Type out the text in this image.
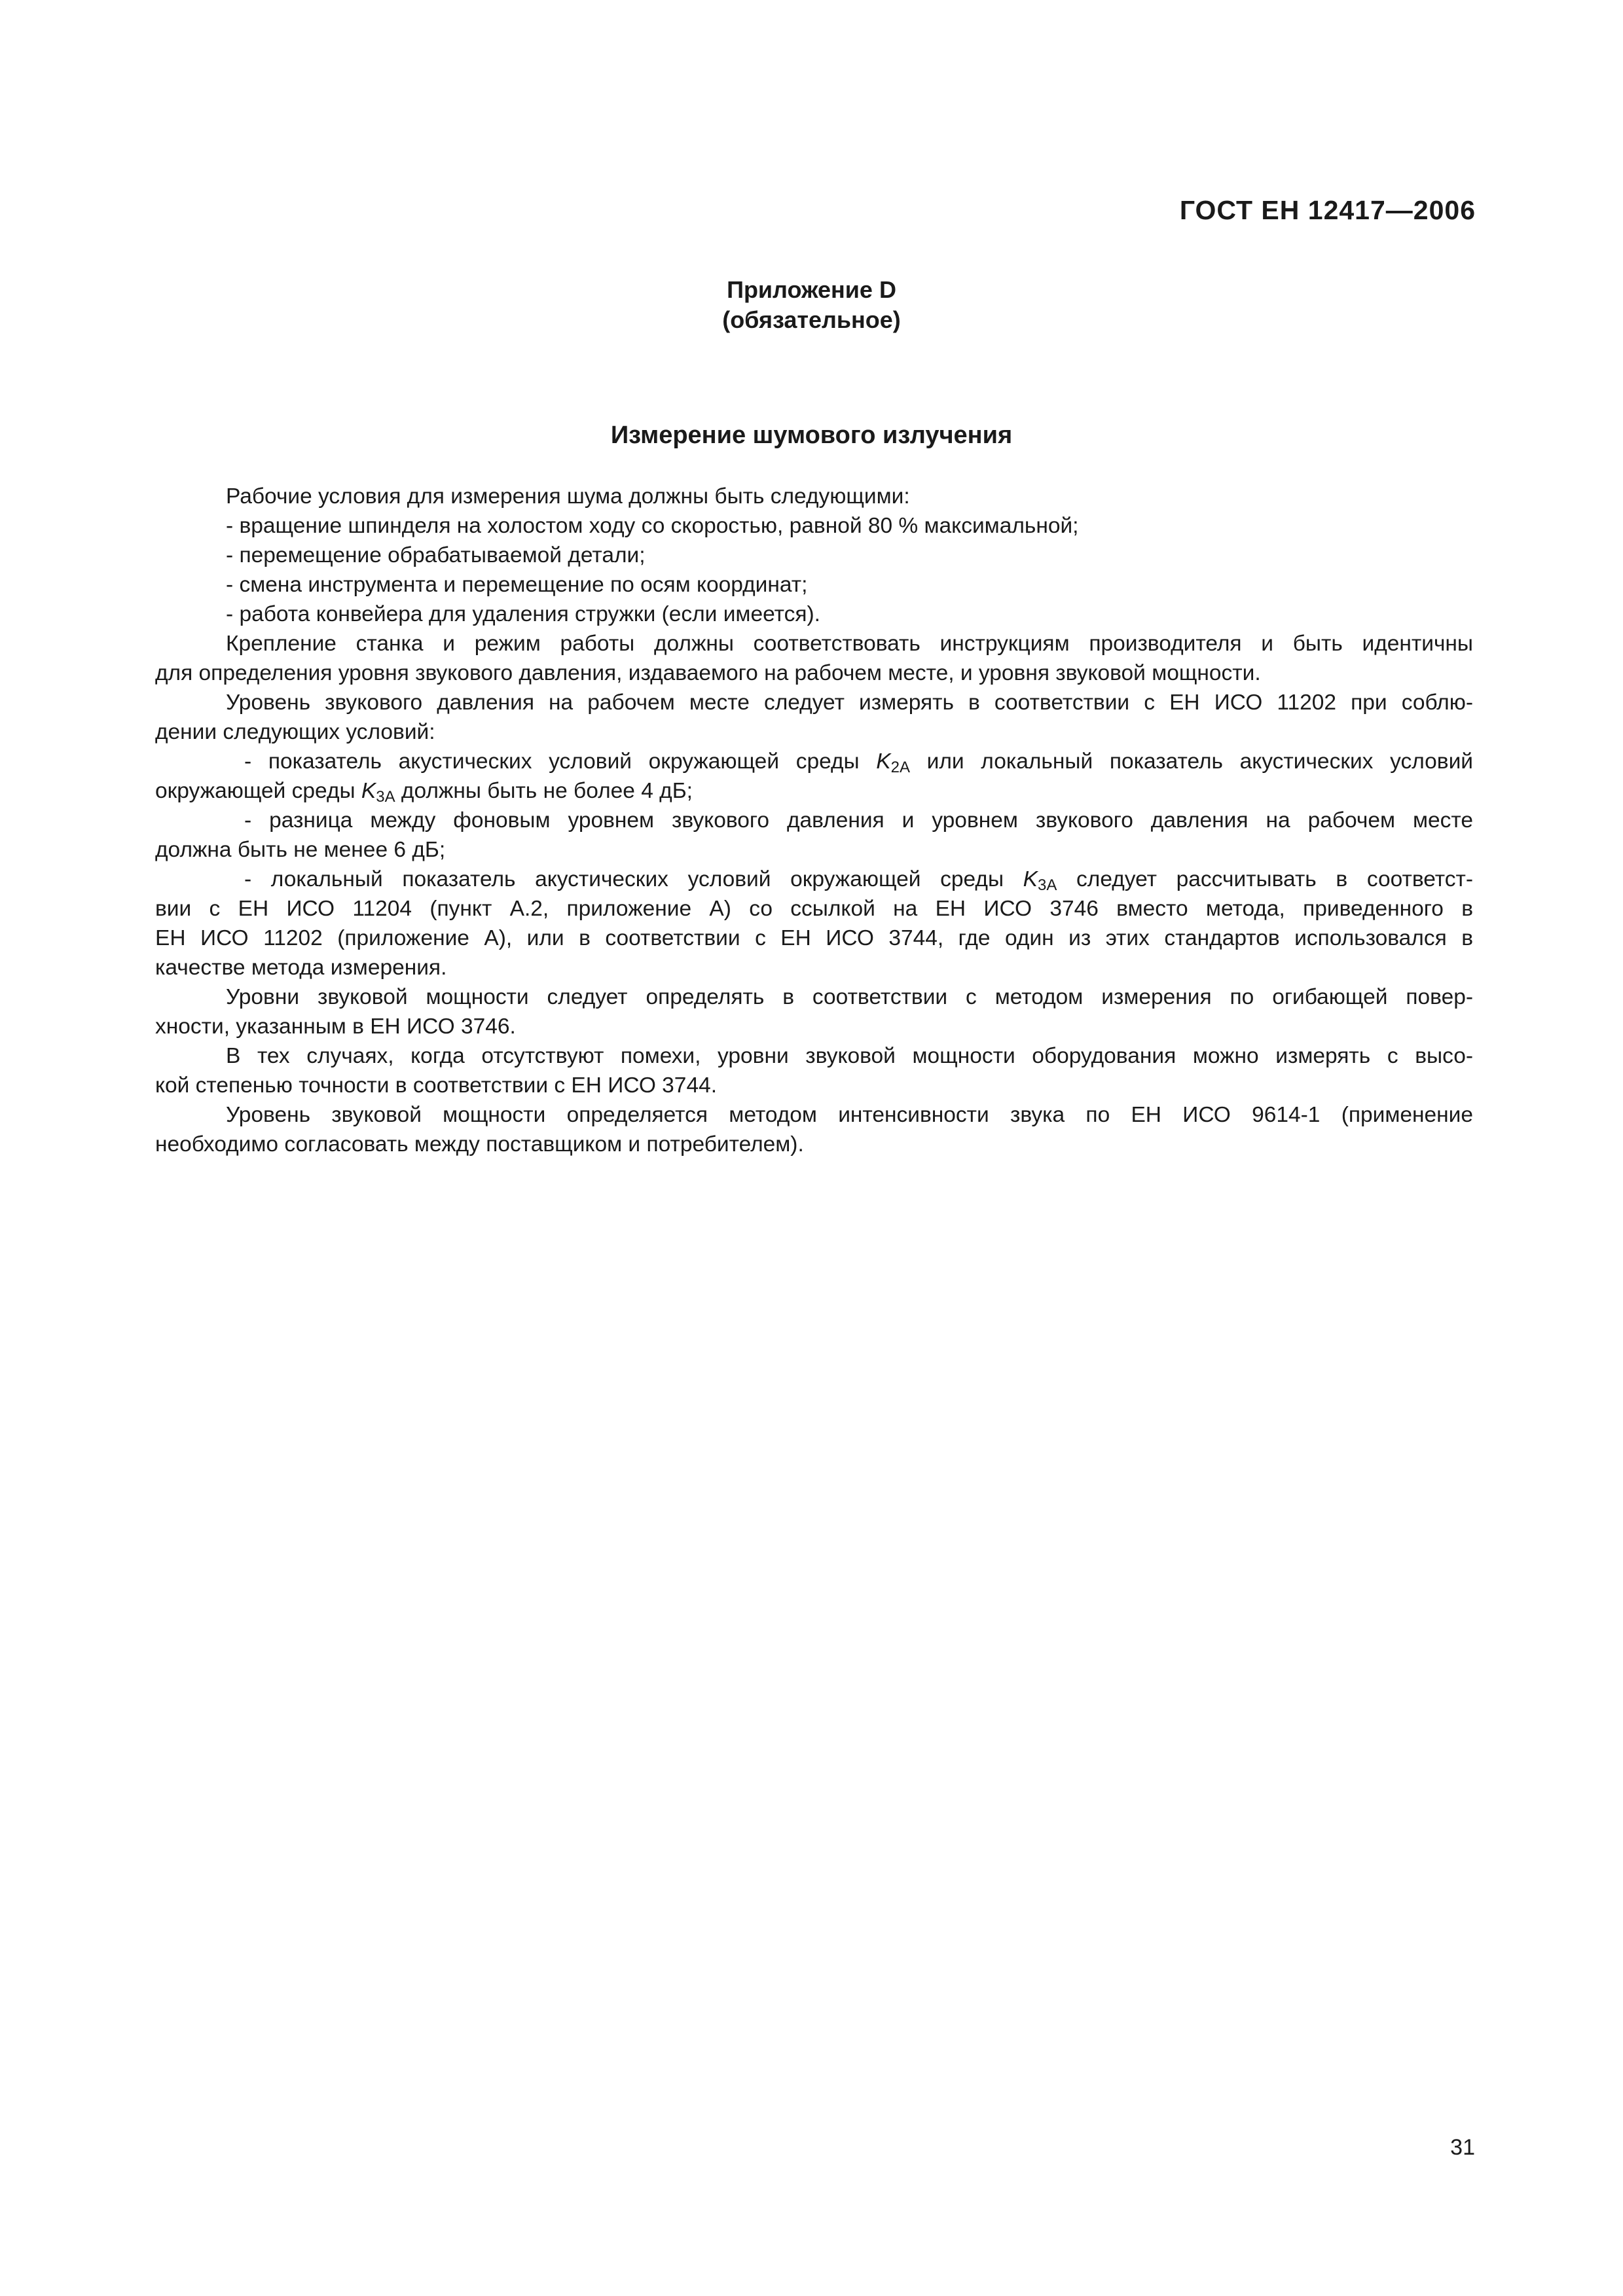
ГОСТ ЕН 12417—2006
Приложение D
(обязательное)
Измерение шумового излучения
Рабочие условия для измерения шума должны быть следующими:
- вращение шпинделя на холостом ходу со скоростью, равной 80 % максимальной;
- перемещение обрабатываемой детали;
- смена инструмента и перемещение по осям координат;
- работа конвейера для удаления стружки (если имеется).
Крепление станка и режим работы должны соответствовать инструкциям производителя и быть идентичны
для определения уровня звукового давления, издаваемого на рабочем месте, и уровня звуковой мощности.
Уровень звукового давления на рабочем месте следует измерять в соответствии с ЕН ИСО 11202 при соблю-
дении следующих условий:
- показатель акустических условий окружающей среды $K_{2A}$ или локальный показатель акустических условий
окружающей среды $K_{3A}$ должны быть не более 4 дБ;
- разница между фоновым уровнем звукового давления и уровнем звукового давления на рабочем месте
должна быть не менее 6 дБ;
- локальный показатель акустических условий окружающей среды $K_{3A}$ следует рассчитывать в соответст-
вии с ЕН ИСО 11204 (пункт А.2, приложение А) со ссылкой на ЕН ИСО 3746 вместо метода, приведенного в
ЕН ИСО 11202 (приложение А), или в соответствии с ЕН ИСО 3744, где один из этих стандартов использовался в
качестве метода измерения.
Уровни звуковой мощности следует определять в соответствии с методом измерения по огибающей повер-
хности, указанным в ЕН ИСО 3746.
В тех случаях, когда отсутствуют помехи, уровни звуковой мощности оборудования можно измерять с высо-
кой степенью точности в соответствии с ЕН ИСО 3744.
Уровень звуковой мощности определяется методом интенсивности звука по ЕН ИСО 9614-1 (применение
необходимо согласовать между поставщиком и потребителем).
31
